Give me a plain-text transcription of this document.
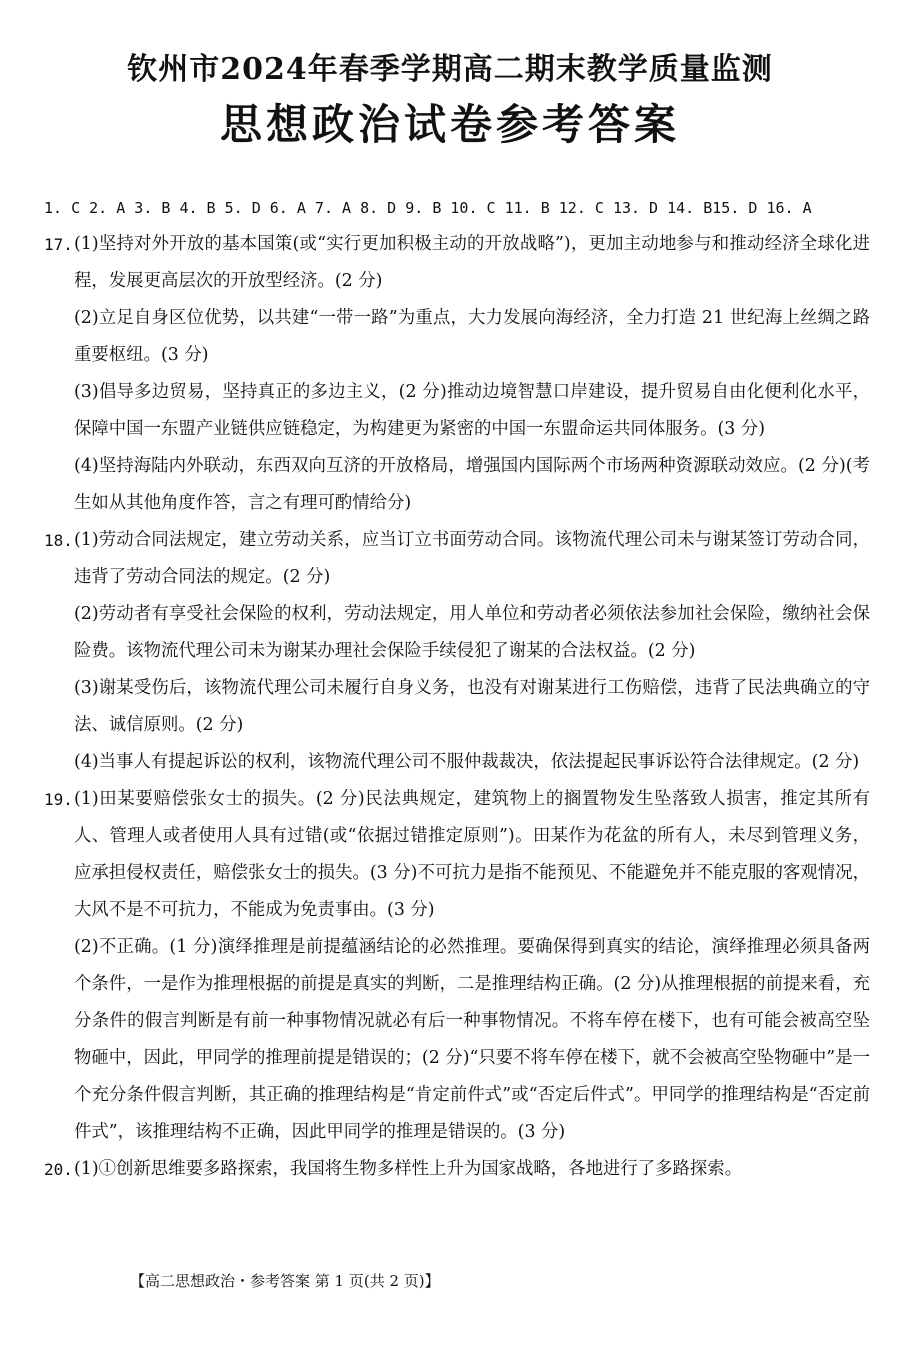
钦州市2024年春季学期高二期末教学质量监测
思想政治试卷参考答案
1. C 2. A 3. B 4. B 5. D 6. A 7. A 8. D 9. B 10. C 11. B 12. C 13. D 14. B15. D 16. A
17. (1)坚持对外开放的基本国策(或“实行更加积极主动的开放战略”)，更加主动地参与和推动经济全球化进程，发展更高层次的开放型经济。(2 分)

(2)立足自身区位优势，以共建“一带一路”为重点，大力发展向海经济，全力打造 21 世纪海上丝绸之路重要枢纽。(3 分)

(3)倡导多边贸易，坚持真正的多边主义，(2 分)推动边境智慧口岸建设，提升贸易自由化便利化水平，保障中国一东盟产业链供应链稳定，为构建更为紧密的中国一东盟命运共同体服务。(3 分)

(4)坚持海陆内外联动，东西双向互济的开放格局，增强国内国际两个市场两种资源联动效应。(2 分)(考生如从其他角度作答，言之有理可酌情给分)

18. (1)劳动合同法规定，建立劳动关系，应当订立书面劳动合同。该物流代理公司未与谢某签订劳动合同，违背了劳动合同法的规定。(2 分)

(2)劳动者有享受社会保险的权利，劳动法规定，用人单位和劳动者必须依法参加社会保险，缴纳社会保险费。该物流代理公司未为谢某办理社会保险手续侵犯了谢某的合法权益。(2 分)

(3)谢某受伤后，该物流代理公司未履行自身义务，也没有对谢某进行工伤赔偿，违背了民法典确立的守法、诚信原则。(2 分)

(4)当事人有提起诉讼的权利，该物流代理公司不服仲裁裁决，依法提起民事诉讼符合法律规定。(2 分)

19. (1)田某要赔偿张女士的损失。(2 分)民法典规定，建筑物上的搁置物发生坠落致人损害，推定其所有人、管理人或者使用人具有过错(或“依据过错推定原则”)。田某作为花盆的所有人，未尽到管理义务，应承担侵权责任，赔偿张女士的损失。(3 分)不可抗力是指不能预见、不能避免并不能克服的客观情况，大风不是不可抗力，不能成为免责事由。(3 分)

(2)不正确。(1 分)演绎推理是前提蕴涵结论的必然推理。要确保得到真实的结论，演绎推理必须具备两个条件，一是作为推理根据的前提是真实的判断，二是推理结构正确。(2 分)从推理根据的前提来看，充分条件的假言判断是有前一种事物情况就必有后一种事物情况。不将车停在楼下，也有可能会被高空坠物砸中，因此，甲同学的推理前提是错误的；(2 分)“只要不将车停在楼下，就不会被高空坠物砸中”是一个充分条件假言判断，其正确的推理结构是“肯定前件式”或“否定后件式”。甲同学的推理结构是“否定前件式”，该推理结构不正确，因此甲同学的推理是错误的。(3 分)

20. (1)①创新思维要多路探索，我国将生物多样性上升为国家战略，各地进行了多路探索。

【高二思想政治・参考答案 第 1 页(共 2 页)】
